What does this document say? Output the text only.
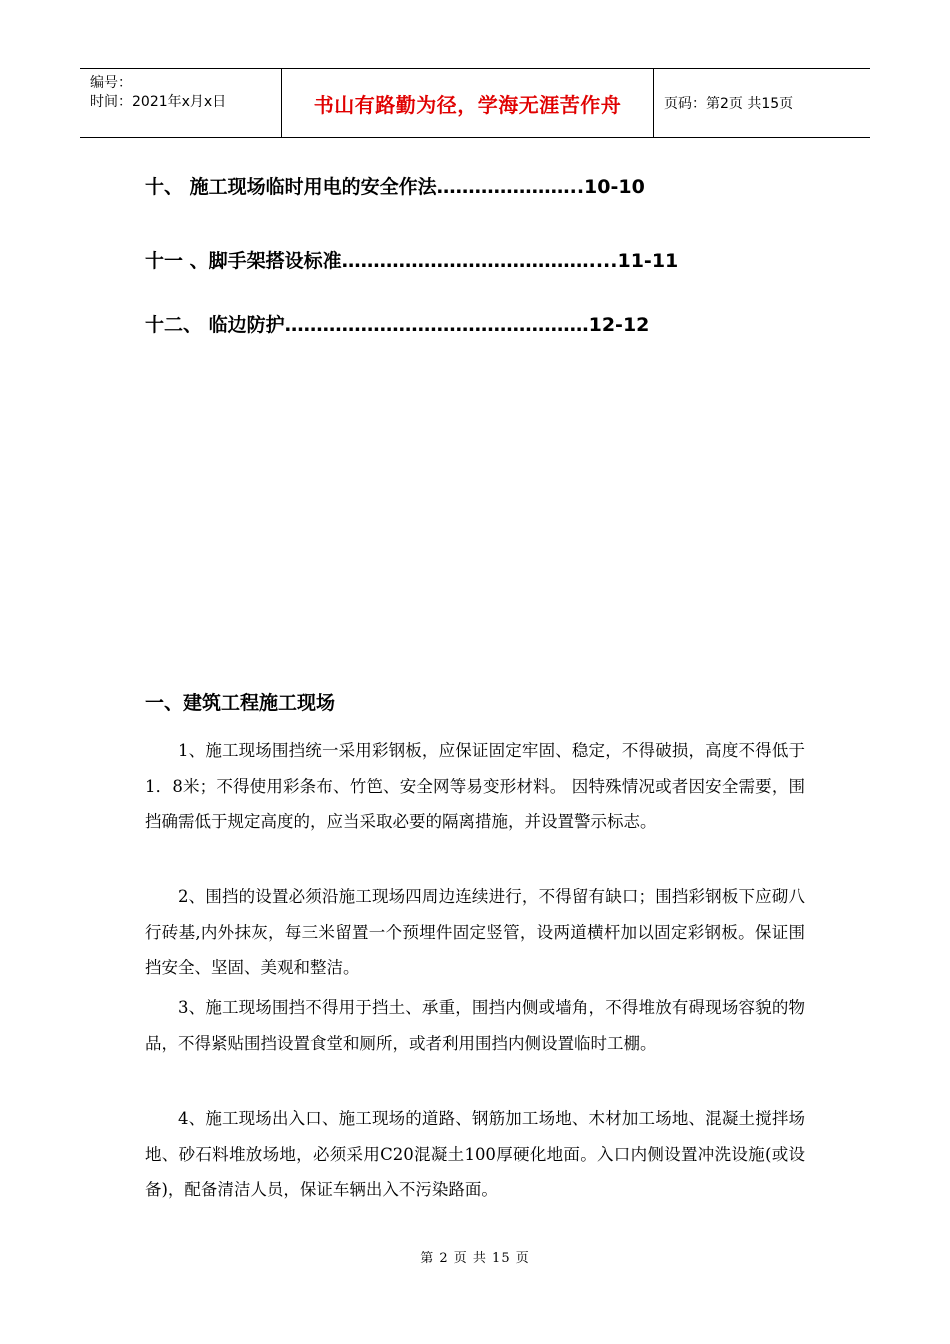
编号：
时间：2021年x月x日	书山有路勤为径，学海无涯苦作舟	页码：第2页 共15页
十、 施工现场临时用电的安全作法…………………..10-10
十一 、脚手架搭设标准…………………………………....11-11
十二、 临边防护…………………………………………12-12
一、建筑工程施工现场

1、施工现场围挡统一采用彩钢板，应保证固定牢固、稳定，不得破损，高度不得低于1．8米；不得使用彩条布、竹笆、安全网等易变形材料。 因特殊情况或者因安全需要，围挡确需低于规定高度的，应当采取必要的隔离措施，并设置警示标志。

2、围挡的设置必须沿施工现场四周边连续进行，不得留有缺口；围挡彩钢板下应砌八行砖基,内外抹灰，每三米留置一个预埋件固定竖管，设两道横杆加以固定彩钢板。保证围挡安全、坚固、美观和整洁。

3、施工现场围挡不得用于挡土、承重，围挡内侧或墙角，不得堆放有碍现场容貌的物品，不得紧贴围挡设置食堂和厕所，或者利用围挡内侧设置临时工棚。

4、施工现场出入口、施工现场的道路、钢筋加工场地、木材加工场地、混凝土搅拌场地、砂石料堆放场地，必须采用C20混凝土100厚硬化地面。入口内侧设置冲洗设施(或设备)，配备清洁人员，保证车辆出入不污染路面。

第 2 页 共 15 页
